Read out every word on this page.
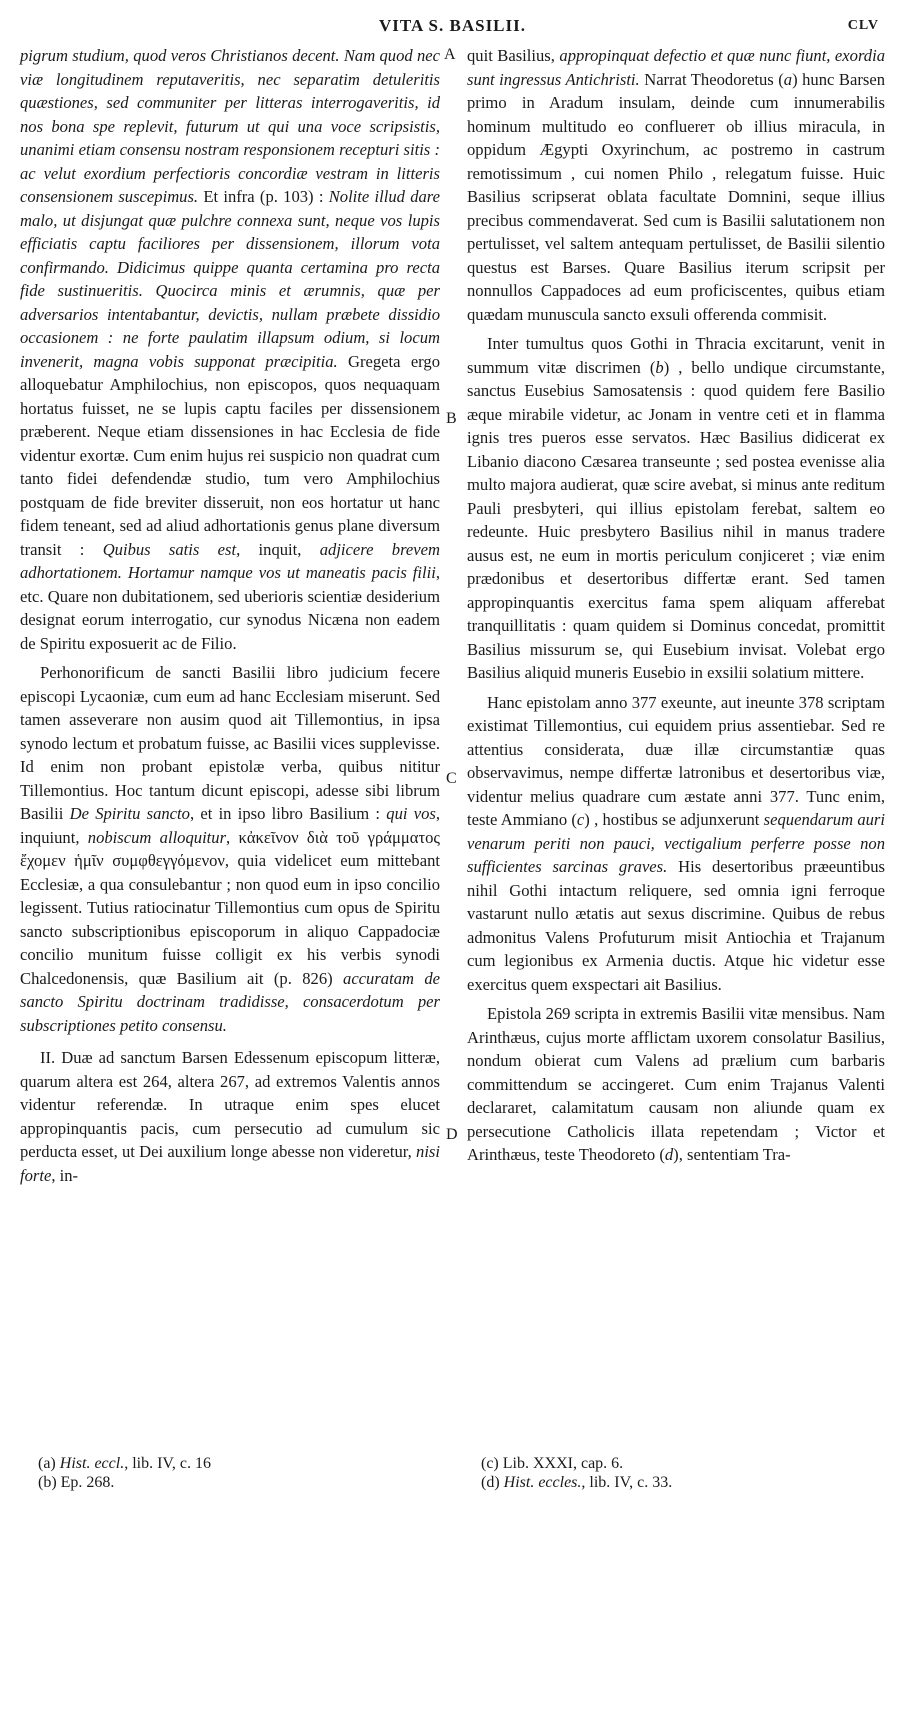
VITA S. BASILII.	CLV

pigrum studium, quod veros Christianos decent. Nam quod nec viæ longitudinem reputaveritis, nec separatim detuleritis quæstiones, sed communiter per litteras interrogaveritis, id nos bona spe replevit, futurum ut qui una voce scripsistis, unanimi etiam consensu nostram responsionem recepturi sitis : ac velut exordium perfectioris concordiæ vestram in litteris consensionem suscepimus. Et infra (p. 103) : Nolite illud dare malo, ut disjungat quæ pulchre connexa sunt, neque vos lupis efficiatis captu faciliores per dissensionem, illorum vota confirmando. Didicimus quippe quanta certamina pro recta fide sustinueritis. Quocirca minis et ærumnis, quæ per adversarios intentabantur, devictis, nullam præbete dissidio occasionem : ne forte paulatim illapsum odium, si locum invenerit, magna vobis supponat præcipitia. Gregeta ergo alloquebatur Amphilochius, non episcopos, quos nequaquam hortatus fuisset, ne se lupis captu faciles per dissensionem præberent. Neque etiam dissensiones in hac Ecclesia de fide videntur exortæ. Cum enim hujus rei suspicio non quadrat cum tanto fidei defendendæ studio, tum vero Amphilochius postquam de fide breviter disseruit, non eos hortatur ut hanc fidem teneant, sed ad aliud adhortationis genus plane diversum transit : Quibus satis est, inquit, adjicere brevem adhortationem. Hortamur namque vos ut maneatis pacis filii, etc. Quare non dubitationem, sed uberioris scientiæ desiderium designat eorum interrogatio, cur synodus Nicæna non eadem de Spiritu exposuerit ac de Filio.

Perhonorificum de sancti Basilii libro judicium fecere episcopi Lycaoniæ, cum eum ad hanc Ecclesiam miserunt. Sed tamen asseverare non ausim quod ait Tillemontius, in ipsa synodo lectum et probatum fuisse, ac Basilii vices supplevisse. Id enim non probant epistolæ verba, quibus nititur Tillemontius. Hoc tantum dicunt episcopi, adesse sibi librum Basilii De Spiritu sancto, et in ipso libro Basilium : qui vos, inquiunt, nobiscum alloquitur, κἀκεῖνον διὰ τοῦ γράμματος ἔχομεν ἡμῖν συμφθεγγόμενον, quia videlicet eum mittebant Ecclesiæ, a qua consulebantur ; non quod eum in ipso concilio legissent. Tutius ratiocinatur Tillemontius cum opus de Spiritu sancto subscriptionibus episcoporum in aliquo Cappadociæ concilio munitum fuisse colligit ex his verbis synodi Chalcedonensis, quæ Basilium ait (p. 826) accuratam de sancto Spiritu doctrinam tradidisse, consacerdotum per subscriptiones petito consensu.

II. Duæ ad sanctum Barsen Edessenum episcopum litteræ, quarum altera est 264, altera 267, ad extremos Valentis annos videntur referendæ. In utraque enim spes elucet appropinquantis pacis, cum persecutio ad cumulum sic perducta esset, ut Dei auxilium longe abesse non videretur, nisi forte, in-

A
B
C
D

quit Basilius, appropinquat defectio et quæ nunc fiunt, exordia sunt ingressus Antichristi. Narrat Theodoretus (a) hunc Barsen primo in Aradum insulam, deinde cum innumerabilis hominum multitudo eo confluerет ob illius miracula, in oppidum Ægypti Oxyrinchum, ac postremo in castrum remotissimum , cui nomen Philo , relegatum fuisse. Huic Basilius scripserat oblata facultate Domnini, seque illius precibus commendaverat. Sed cum is Basilii salutationem non pertulisset, vel saltem antequam pertulisset, de Basilii silentio questus est Barses. Quare Basilius iterum scripsit per nonnullos Cappadoces ad eum proficiscentes, quibus etiam quædam munuscula sancto exsuli offerenda commisit.

Inter tumultus quos Gothi in Thracia excitarunt, venit in summum vitæ discrimen (b) , bello undique circumstante, sanctus Eusebius Samosatensis : quod quidem fere Basilio æque mirabile videtur, ac Jonam in ventre ceti et in flamma ignis tres pueros esse servatos. Hæc Basilius didicerat ex Libanio diacono Cæsarea transeunte ; sed postea evenisse alia multo majora audierat, quæ scire avebat, si minus ante reditum Pauli presbyteri, qui illius epistolam ferebat, saltem eo redeunte. Huic presbytero Basilius nihil in manus tradere ausus est, ne eum in mortis periculum conjiceret ; viæ enim prædonibus et desertoribus differtæ erant. Sed tamen appropinquantis exercitus fama spem aliquam afferebat tranquillitatis : quam quidem si Dominus concedat, promittit Basilius missurum se, qui Eusebium invisat. Volebat ergo Basilius aliquid muneris Eusebio in exsilii solatium mittere.

Hanc epistolam anno 377 exeunte, aut ineunte 378 scriptam existimat Tillemontius, cui equidem prius assentiebar. Sed re attentius considerata, duæ illæ circumstantiæ quas observavimus, nempe differtæ latronibus et desertoribus viæ, videntur melius quadrare cum æstate anni 377. Tunc enim, teste Ammiano (c) , hostibus se adjunxerunt sequendarum auri venarum periti non pauci, vectigalium perferre posse non sufficientes sarcinas graves. His desertoribus præeuntibus nihil Gothi intactum reliquere, sed omnia igni ferroque vastarunt nullo ætatis aut sexus discrimine. Quibus de rebus admonitus Valens Profuturum misit Antiochia et Trajanum cum legionibus ex Armenia ductis. Atque hic videtur esse exercitus quem exspectari ait Basilius.

Epistola 269 scripta in extremis Basilii vitæ mensibus. Nam Arinthæus, cujus morte afflictam uxorem consolatur Basilius, nondum obierat cum Valens ad prælium cum barbaris committendum se accingeret. Cum enim Trajanus Valenti declararet, calamitatum causam non aliunde quam ex persecutione Catholicis illata repetendam ; Victor et Arinthæus, teste Theodoreto (d), sententiam Tra-

(a) Hist. eccl., lib. IV, c. 16
(b) Ep. 268.
(c) Lib. XXXI, cap. 6.
(d) Hist. eccles., lib. IV, c. 33.
